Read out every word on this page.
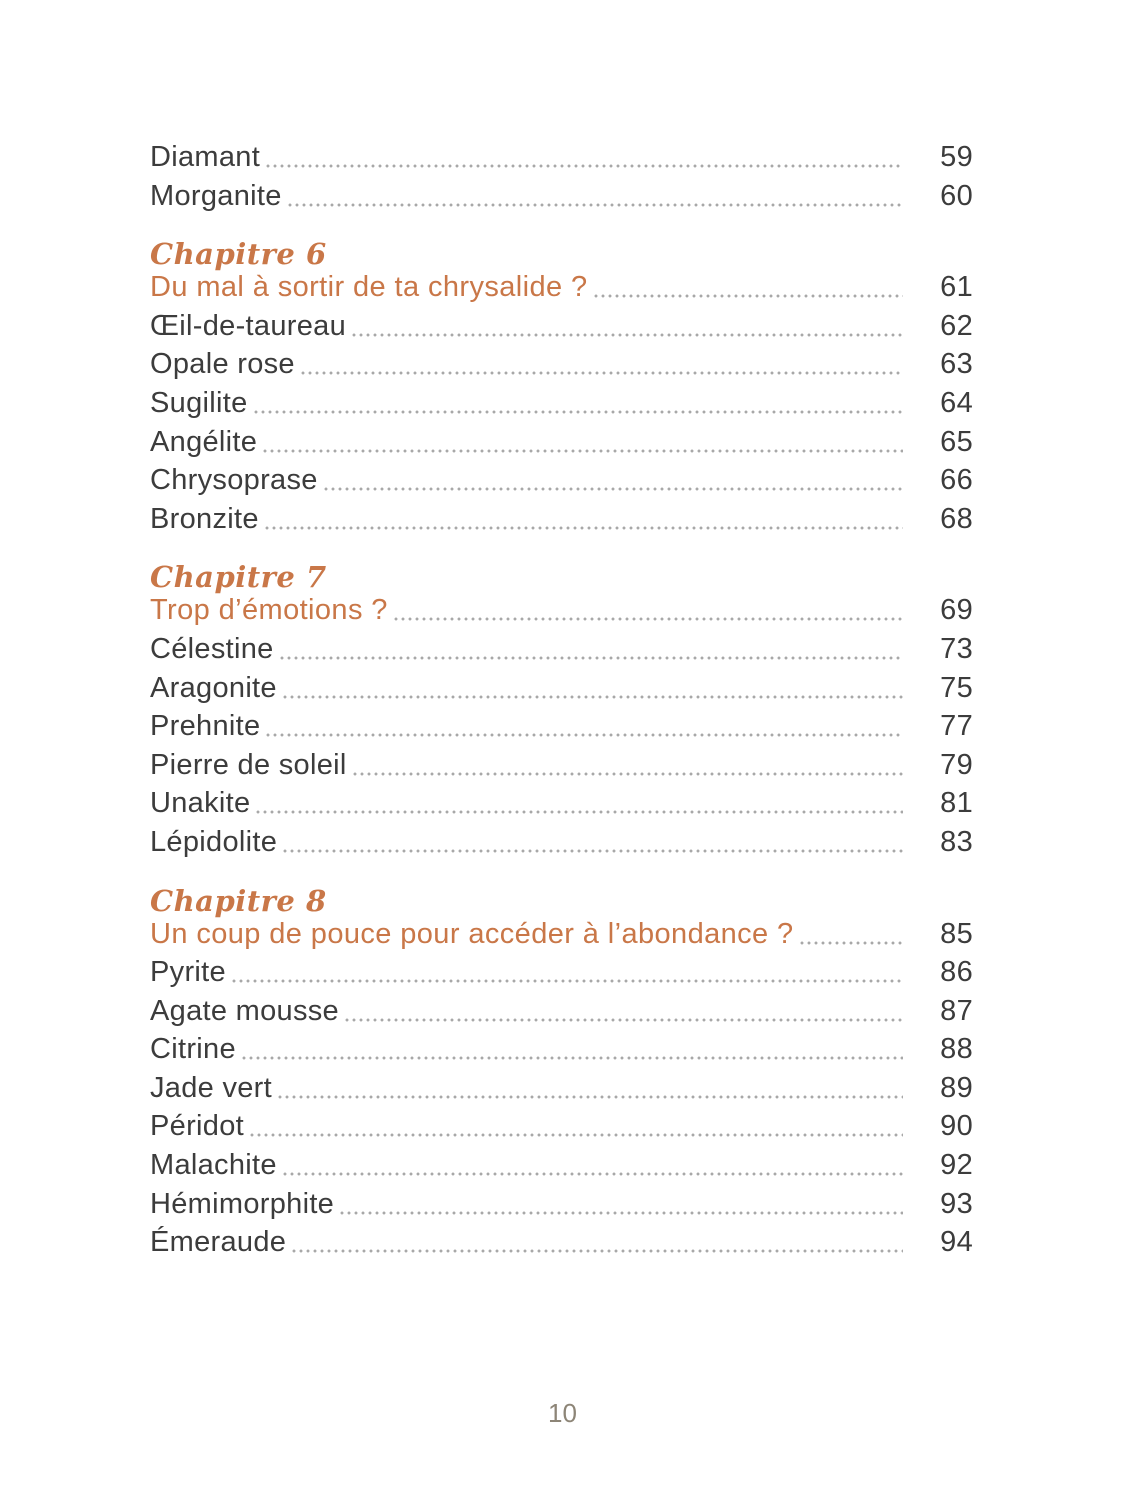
Diamant	59
Morganite	60
Chapitre 6
Du mal à sortir de ta chrysalide ?	61
Œil-de-taureau	62
Opale rose	63
Sugilite	64
Angélite	65
Chrysoprase	66
Bronzite	68
Chapitre 7
Trop d’émotions ?	69
Célestine	73
Aragonite	75
Prehnite	77
Pierre de soleil	79
Unakite	81
Lépidolite	83
Chapitre 8
Un coup de pouce pour accéder à l’abondance ?	85
Pyrite	86
Agate mousse	87
Citrine	88
Jade vert	89
Péridot	90
Malachite	92
Hémimorphite	93
Émeraude	94
10
